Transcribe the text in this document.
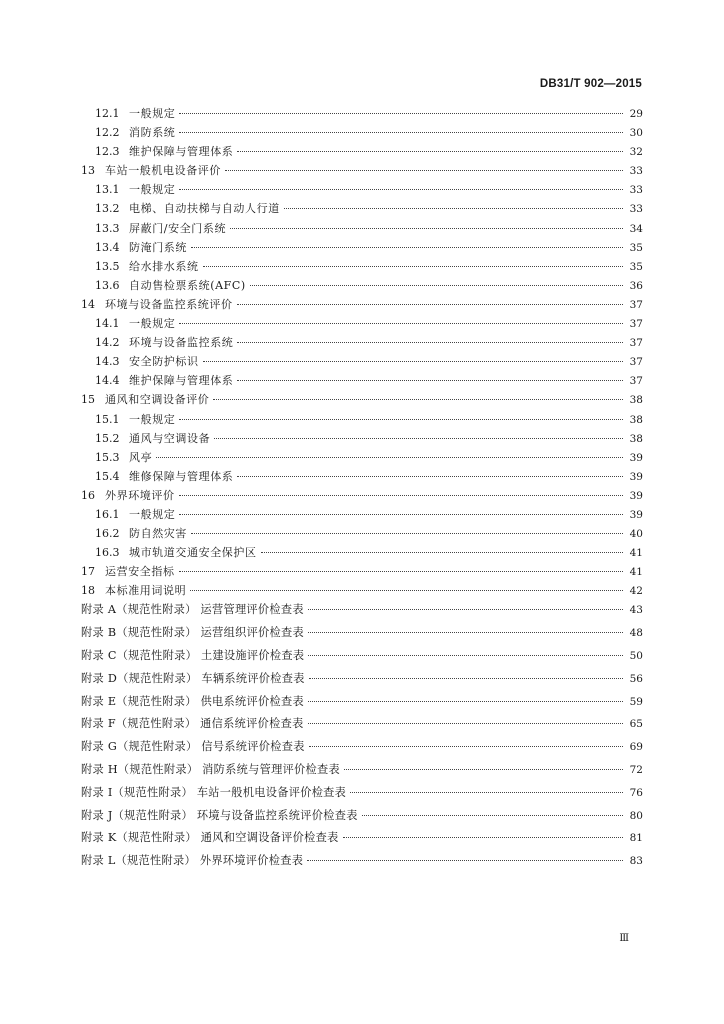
DB31/T 902—2015
12.1 一般规定	29
12.2 消防系统	30
12.3 维护保障与管理体系	32
13 车站一般机电设备评价	33
13.1 一般规定	33
13.2 电梯、自动扶梯与自动人行道	33
13.3 屏蔽门/安全门系统	34
13.4 防淹门系统	35
13.5 给水排水系统	35
13.6 自动售检票系统(AFC)	36
14 环境与设备监控系统评价	37
14.1 一般规定	37
14.2 环境与设备监控系统	37
14.3 安全防护标识	37
14.4 维护保障与管理体系	37
15 通风和空调设备评价	38
15.1 一般规定	38
15.2 通风与空调设备	38
15.3 风亭	39
15.4 维修保障与管理体系	39
16 外界环境评价	39
16.1 一般规定	39
16.2 防自然灾害	40
16.3 城市轨道交通安全保护区	41
17 运营安全指标	41
18 本标准用词说明	42
附录 A（规范性附录） 运营管理评价检查表	43
附录 B（规范性附录） 运营组织评价检查表	48
附录 C（规范性附录） 土建设施评价检查表	50
附录 D（规范性附录） 车辆系统评价检查表	56
附录 E（规范性附录） 供电系统评价检查表	59
附录 F（规范性附录） 通信系统评价检查表	65
附录 G（规范性附录） 信号系统评价检查表	69
附录 H（规范性附录） 消防系统与管理评价检查表	72
附录 I（规范性附录） 车站一般机电设备评价检查表	76
附录 J（规范性附录） 环境与设备监控系统评价检查表	80
附录 K（规范性附录） 通风和空调设备评价检查表	81
附录 L（规范性附录） 外界环境评价检查表	83
Ⅲ
